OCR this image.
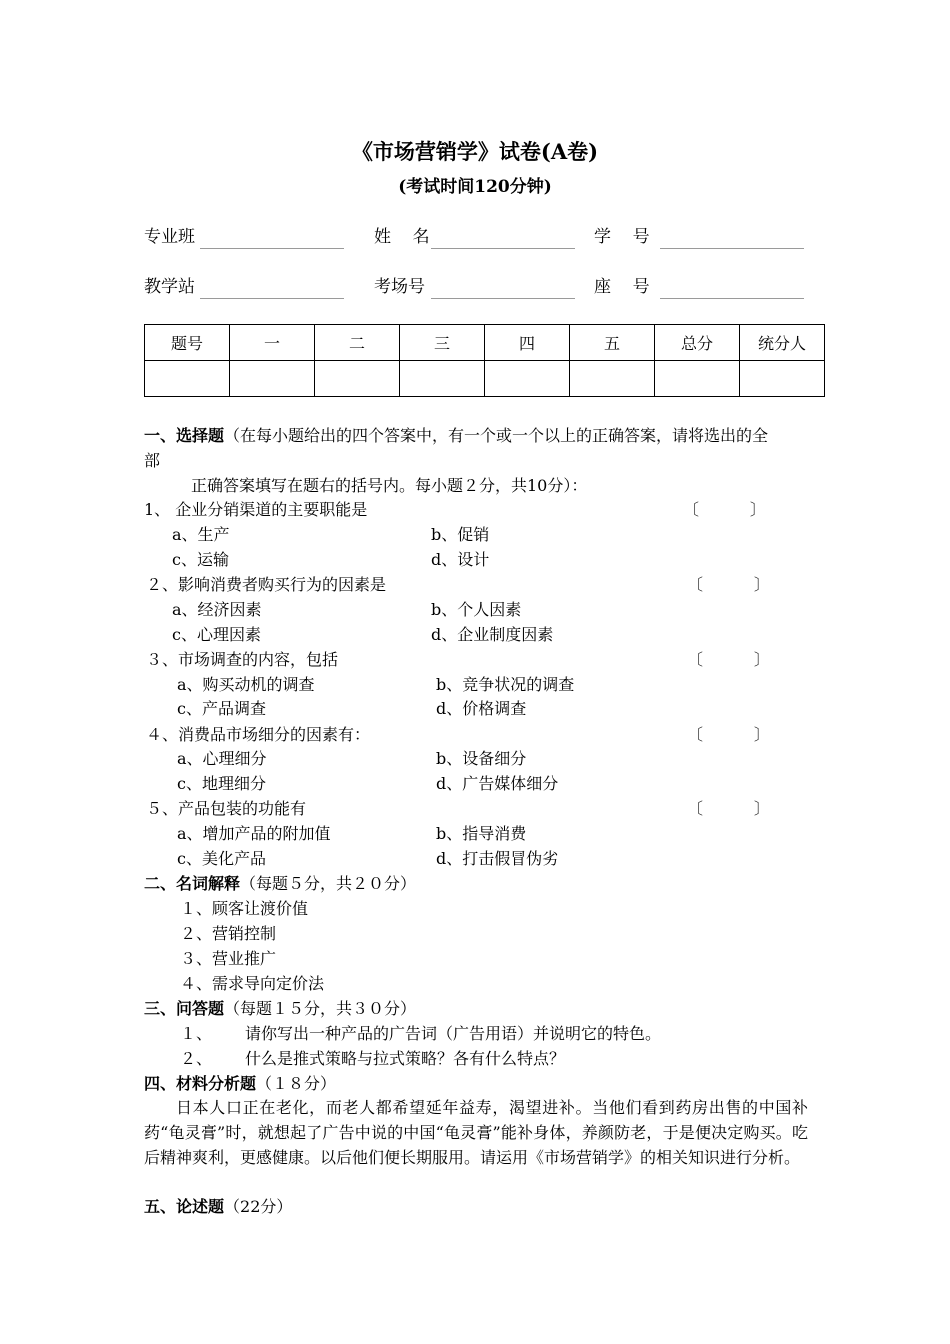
《市场营销学》试卷(A卷)
(考试时间120分钟)
专业班	姓    名	学    号
教学站	考场号	座    号
题号	一	二	三	四	五	总分	统分人

一、选择题（在每小题给出的四个答案中，有一个或一个以上的正确答案，请将选出的全
部
正确答案填写在题右的括号内。每小题２分，共10分）：
1、 企业分销渠道的主要职能是	〔          〕
a、生产	b、促销
c、运输	d、设计
２、影响消费者购买行为的因素是	〔          〕
a、经济因素	b、个人因素
c、心理因素	d、企业制度因素
３、市场调查的内容，包括	〔          〕
a、购买动机的调查	b、竞争状况的调查
c、产品调查	d、价格调查
４、消费品市场细分的因素有：	〔          〕
a、心理细分	b、设备细分
c、地理细分	d、广告媒体细分
５、产品包装的功能有	〔          〕
a、增加产品的附加值	b、指导消费
c、美化产品	d、打击假冒伪劣
二、名词解释（每题５分，共２０分）
１、顾客让渡价值
２、营销控制
３、营业推广
４、需求导向定价法
三、问答题（每题１５分，共３０分）
１、 请你写出一种产品的广告词（广告用语）并说明它的特色。
２、 什么是推式策略与拉式策略？各有什么特点？
四、材料分析题（１８分）
日本人口正在老化，而老人都希望延年益寿，渴望进补。当他们看到药房出售的中国补药“龟灵膏”时，就想起了广告中说的中国“龟灵膏”能补身体，养颜防老，于是便决定购买。吃后精神爽利，更感健康。以后他们便长期服用。请运用《市场营销学》的相关知识进行分析。
五、论述题（22分）
